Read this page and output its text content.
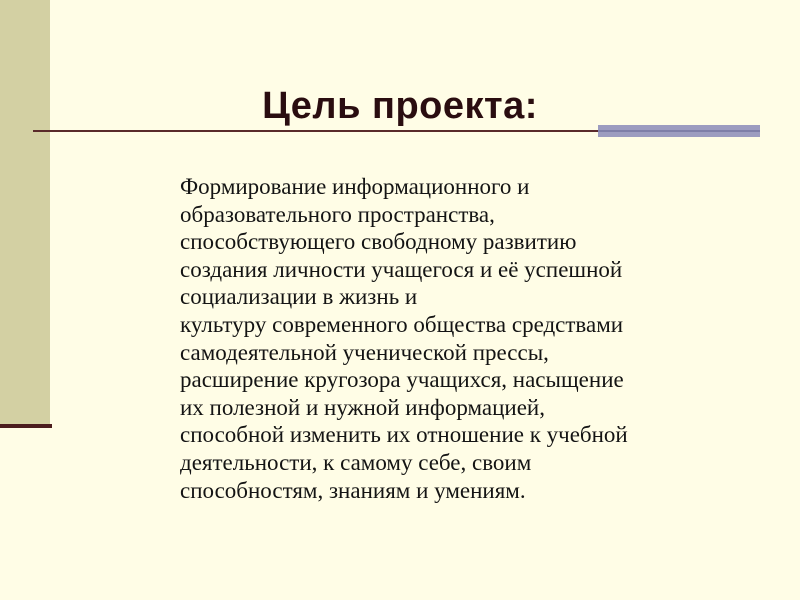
Цель проекта:
Формирование информационного и
образовательного пространства,
способствующего свободному развитию
создания личности учащегося и её успешной
социализации в жизнь и
культуру современного общества средствами
самодеятельной ученической прессы,
расширение кругозора учащихся, насыщение
их полезной и нужной информацией,
способной изменить их отношение к учебной
деятельности, к самому себе, своим
способностям, знаниям и умениям.
